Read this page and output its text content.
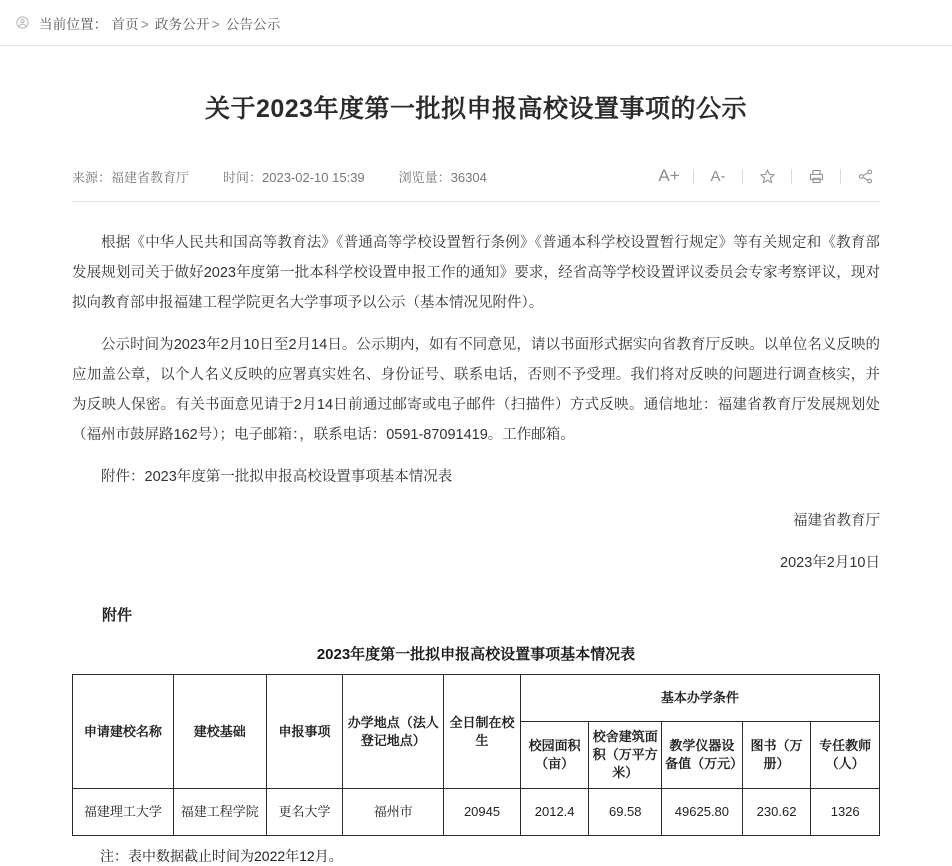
当前位置： 首页 > 政务公开 > 公告公示
关于2023年度第一批拟申报高校设置事项的公示
来源：福建省教育厅	时间：2023-02-10 15:39	浏览量：36304	A+	A-

根据《中华人民共和国高等教育法》《普通高等学校设置暂行条例》《普通本科学校设置暂行规定》等有关规定和《教育部发展规划司关于做好2023年度第一批本科学校设置申报工作的通知》要求，经省高等学校设置评议委员会专家考察评议，现对拟向教育部申报福建工程学院更名大学事项予以公示（基本情况见附件）。

公示时间为2023年2月10日至2月14日。公示期内，如有不同意见，请以书面形式据实向省教育厅反映。以单位名义反映的应加盖公章，以个人名义反映的应署真实姓名、身份证号、联系电话，否则不予受理。我们将对反映的问题进行调查核实，并为反映人保密。有关书面意见请于2月14日前通过邮寄或电子邮件（扫描件）方式反映。通信地址：福建省教育厅发展规划处（福州市鼓屏路162号）；电子邮箱：，联系电话：0591-87091419。工作邮箱。

附件：2023年度第一批拟申报高校设置事项基本情况表

福建省教育厅

2023年2月10日

附件
2023年度第一批拟申报高校设置事项基本情况表
申请建校名称	建校基础	申报事项	办学地点（法人登记地点）	全日制在校生	基本办学条件				
					校园面积（亩）	校舍建筑面积（万平方米）	教学仪器设备值（万元）	图书（万册）	专任教师（人）
福建理工大学	福建工程学院	更名大学	福州市	20945	2012.4	69.58	49625.80	230.62	1326
注：表中数据截止时间为2022年12月。
